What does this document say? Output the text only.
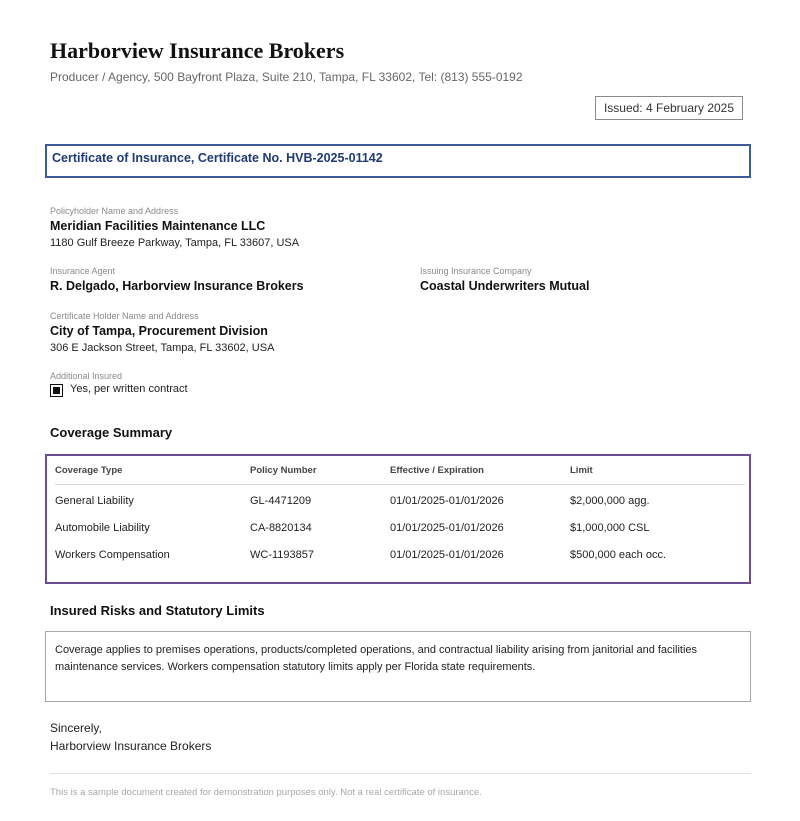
Harborview Insurance Brokers
Producer / Agency, 500 Bayfront Plaza, Suite 210, Tampa, FL 33602, Tel: (813) 555-0192
Issued: 4 February 2025
Certificate of Insurance, Certificate No. HVB-2025-01142
Policyholder Name and Address
Meridian Facilities Maintenance LLC
1180 Gulf Breeze Parkway, Tampa, FL 33607, USA
Insurance Agent
R. Delgado, Harborview Insurance Brokers
Issuing Insurance Company
Coastal Underwriters Mutual
Certificate Holder Name and Address
City of Tampa, Procurement Division
306 E Jackson Street, Tampa, FL 33602, USA
Additional Insured
Yes, per written contract
Coverage Summary
Coverage Type	Policy Number	Effective / Expiration	Limit
General Liability	GL-4471209	01/01/2025-01/01/2026	$2,000,000 agg.
Automobile Liability	CA-8820134	01/01/2025-01/01/2026	$1,000,000 CSL
Workers Compensation	WC-1193857	01/01/2025-01/01/2026	$500,000 each occ.
Insured Risks and Statutory Limits
Coverage applies to premises operations, products/completed operations, and contractual liability arising from janitorial and facilities maintenance services. Workers compensation statutory limits apply per Florida state requirements.
Sincerely,
Harborview Insurance Brokers
This is a sample document created for demonstration purposes only. Not a real certificate of insurance.
